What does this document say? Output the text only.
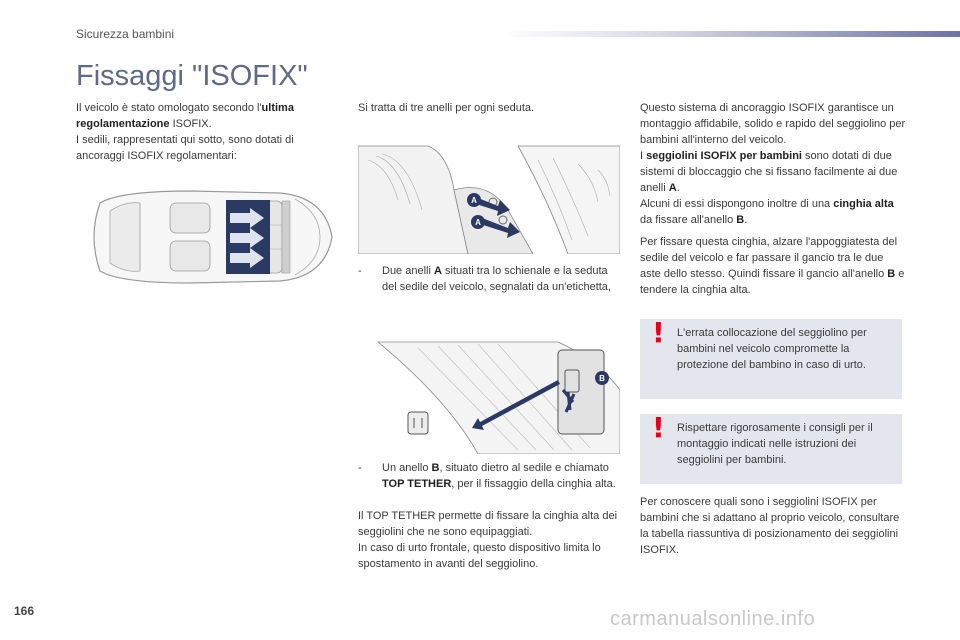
Sicurezza bambini
Fissaggi "ISOFIX"
Il veicolo è stato omologato secondo l'ultima regolamentazione ISOFIX.
I sedili, rappresentati qui sotto, sono dotati di ancoraggi ISOFIX regolamentari:
Si tratta di tre anelli per ogni seduta.
A
A
- Due anelli A situati tra lo schienale e la seduta del sedile del veicolo, segnalati da un'etichetta,
B
- Un anello B, situato dietro al sedile e chiamato TOP TETHER, per il fissaggio della cinghia alta.
Il TOP TETHER permette di fissare la cinghia alta dei seggiolini che ne sono equipaggiati.
In caso di urto frontale, questo dispositivo limita lo spostamento in avanti del seggiolino.
Questo sistema di ancoraggio ISOFIX garantisce un montaggio affidabile, solido e rapido del seggiolino per bambini all'interno del veicolo.
I seggiolini ISOFIX per bambini sono dotati di due sistemi di bloccaggio che si fissano facilmente ai due anelli A.
Alcuni di essi dispongono inoltre di una cinghia alta da fissare all'anello B.
Per fissare questa cinghia, alzare l'appoggiatesta del sedile del veicolo e far passare il gancio tra le due aste dello stesso. Quindi fissare il gancio all'anello B e tendere la cinghia alta.
! L'errata collocazione del seggiolino per bambini nel veicolo compromette la protezione del bambino in caso di urto.
! Rispettare rigorosamente i consigli per il montaggio indicati nelle istruzioni dei seggiolini per bambini.
Per conoscere quali sono i seggiolini ISOFIX per bambini che si adattano al proprio veicolo, consultare la tabella riassuntiva di posizionamento dei seggiolini ISOFIX.
166	carmanualsonline.info
